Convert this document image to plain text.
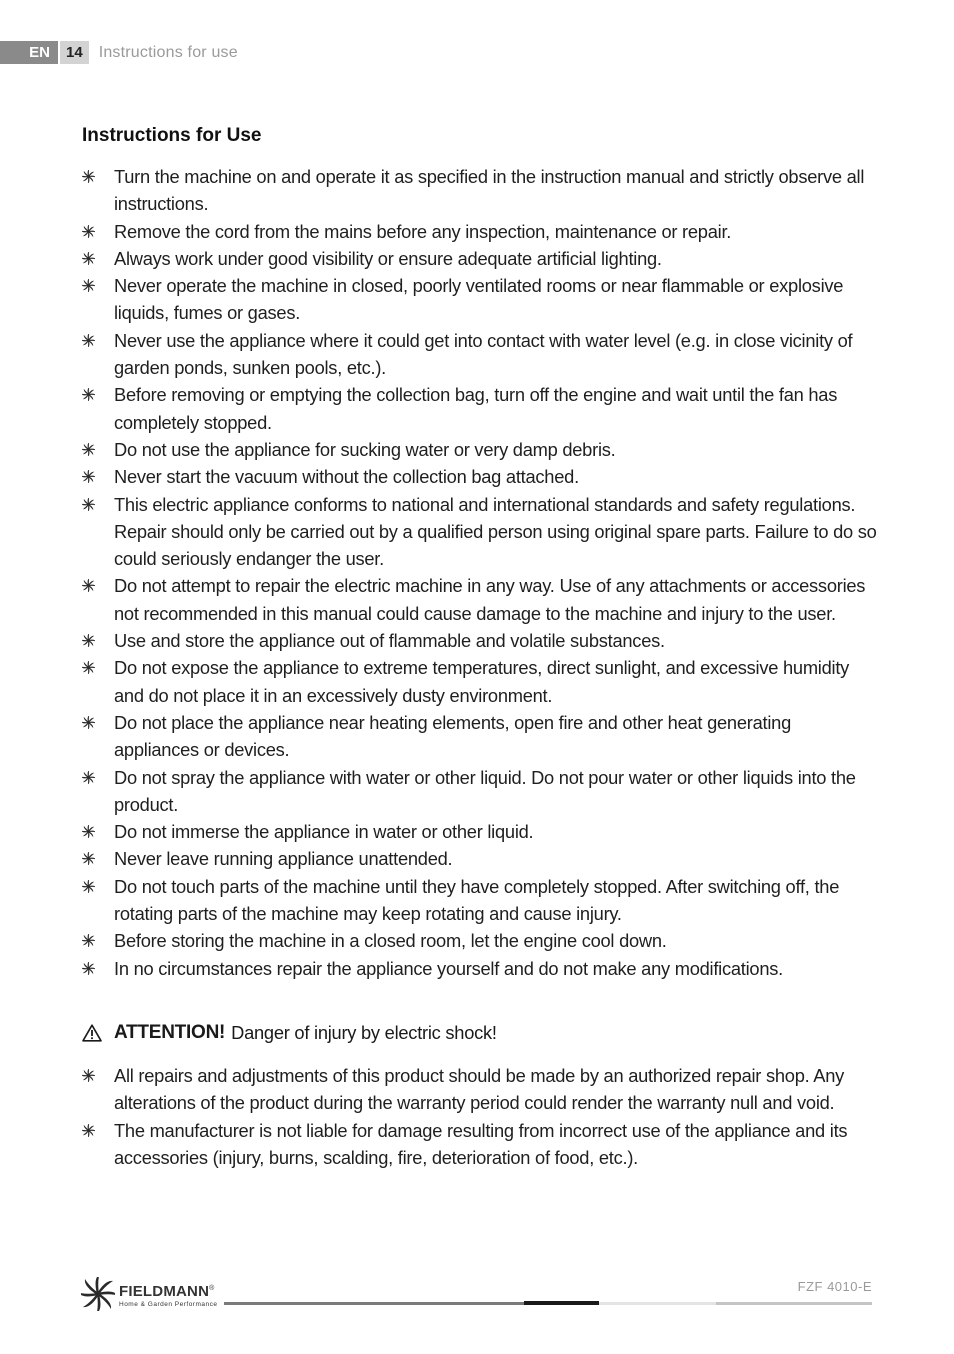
EN	14	Instructions for use
Instructions for Use
Turn the machine on and operate it as specified in the instruction manual and strictly observe all instructions.
Remove the cord from the mains before any inspection, maintenance or repair.
Always work under good visibility or ensure adequate artificial lighting.
Never operate the machine in closed, poorly ventilated rooms or near flammable or explosive liquids, fumes or gases.
Never use the appliance where it could get into contact with water level (e.g. in close vicinity of garden ponds, sunken pools, etc.).
Before removing or emptying the collection bag, turn off the engine and wait until the fan has completely stopped.
Do not use the appliance for sucking water or very damp debris.
Never start the vacuum without the collection bag attached.
This electric appliance conforms to national and international standards and safety regulations. Repair should only be carried out by a qualified person using original spare parts. Failure to do so could seriously endanger the user.
Do not attempt to repair the electric machine in any way. Use of any attachments or accessories not recommended in this manual could cause damage to the machine and injury to the user.
Use and store the appliance out of flammable and volatile substances.
Do not expose the appliance to extreme temperatures, direct sunlight, and excessive humidity and do not place it in an excessively dusty environment.
Do not place the appliance near heating elements, open fire and other heat generating appliances or devices.
Do not spray the appliance with water or other liquid. Do not pour water or other liquids into the product.
Do not immerse the appliance in water or other liquid.
Never leave running appliance unattended.
Do not touch parts of the machine until they have completely stopped. After switching off, the rotating parts of the machine may keep rotating and cause injury.
Before storing the machine in a closed room, let the engine cool down.
In no circumstances repair the appliance yourself and do not make any modifications.
ATTENTION! Danger of injury by electric shock!
All repairs and adjustments of this product should be made by an authorized repair shop. Any alterations of the product during the warranty period could render the warranty null and void.
The manufacturer is not liable for damage resulting from incorrect use of the appliance and its accessories (injury, burns, scalding, fire, deterioration of food, etc.).
FIELDMANN®
Home & Garden Performance
FZF 4010-E
